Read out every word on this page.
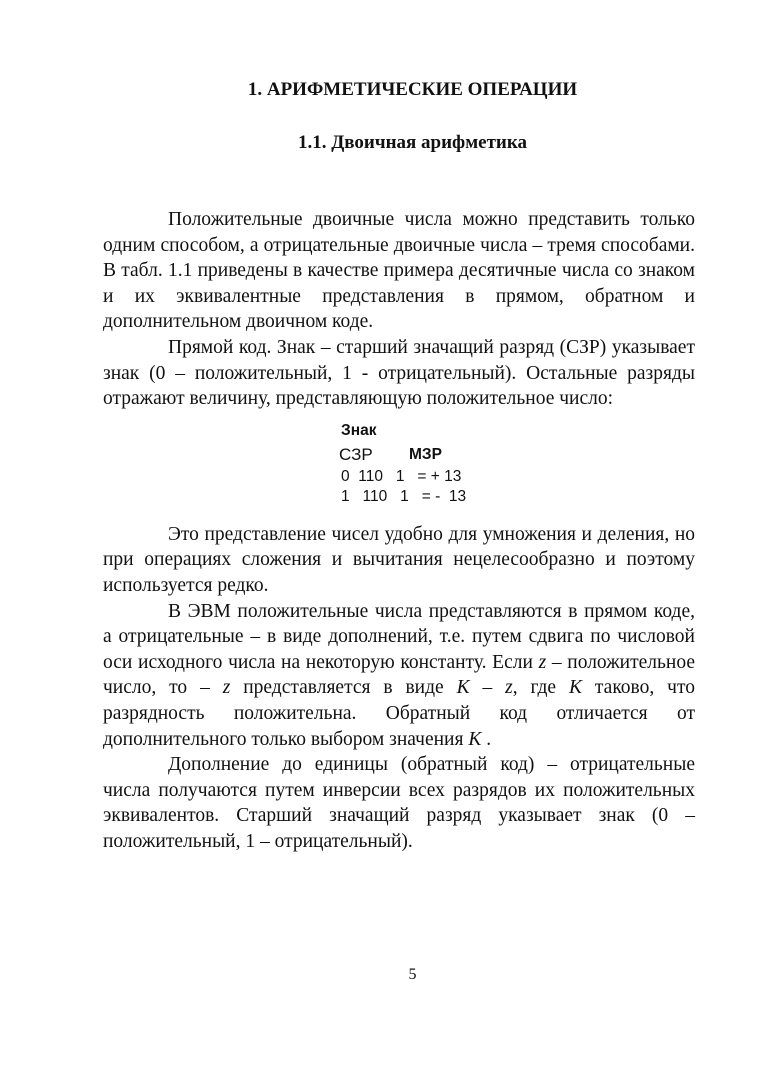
1. АРИФМЕТИЧЕСКИЕ ОПЕРАЦИИ
1.1. Двоичная арифметика

Положительные двоичные числа можно представить только одним способом, а отрицательные двоичные числа – тремя способами. В табл. 1.1 приведены в качестве примера десятичные числа со знаком и их эквивалентные представления в прямом, обратном и дополнительном двоичном коде.

Прямой код. Знак – старший значащий разряд (СЗР) указывает знак (0 – положительный, 1 - отрицательный). Остальные разряды отражают величину, представляющую положительное число:

Знак
СЗР МЗР
0  110   1   = + 13
1   110   1   = -  13

Это представление чисел удобно для умножения и деления, но при операциях сложения и вычитания нецелесообразно и поэтому используется редко.

В ЭВМ положительные числа представляются в прямом коде, а отрицательные – в виде дополнений, т.е. путем сдвига по числовой оси исходного числа на некоторую константу. Если z – положительное число, то – z представляется в виде K – z, где K таково, что разрядность положительна. Обратный код отличается от дополнительного только выбором значения K .

Дополнение до единицы (обратный код) – отрицательные числа получаются путем инверсии всех разрядов их положительных эквивалентов. Старший значащий разряд указывает знак (0 – положительный, 1 – отрицательный).

5
